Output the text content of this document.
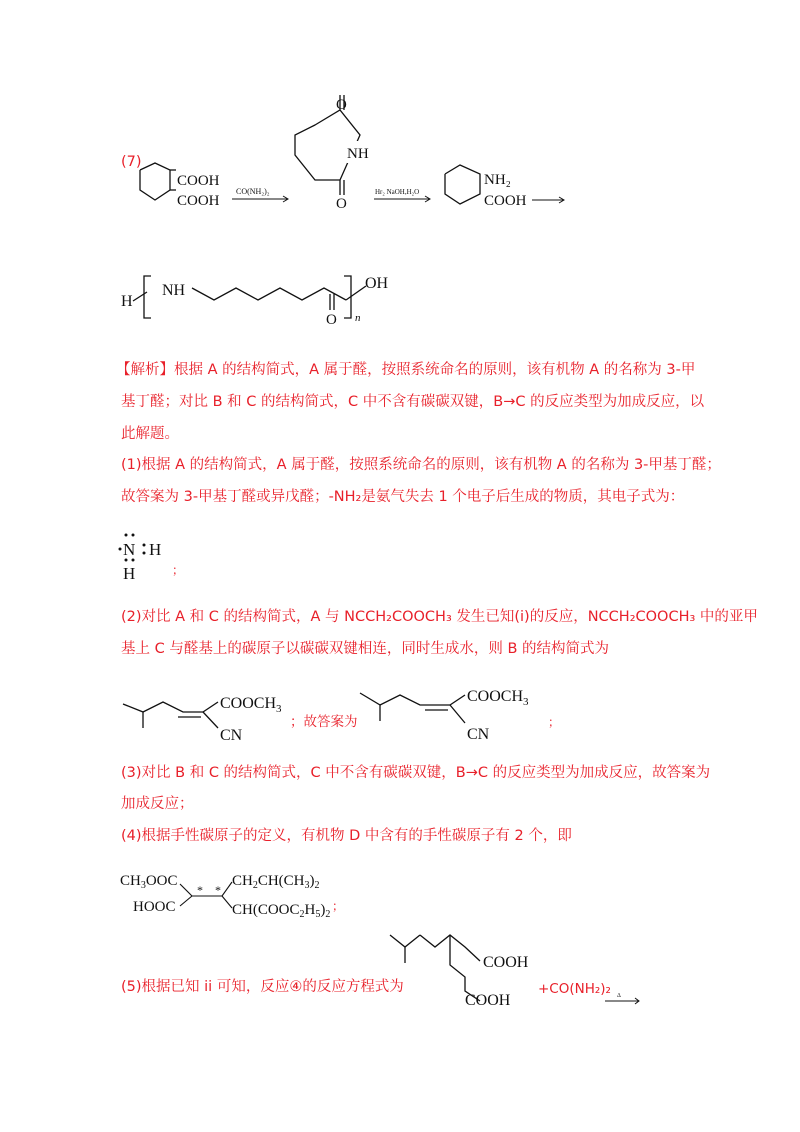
(7)
COOH
COOH
CO(NH₂)₂
O
NH
O
Hr₂ NaOH,H₂O
NH₂
COOH
H
NH
O
OH
n
【解析】根据 A 的结构简式，A 属于醛，按照系统命名的原则，该有机物 A 的名称为 3-甲
基丁醛；对比 B 和 C 的结构简式，C 中不含有碳碳双键，B→C 的反应类型为加成反应，以
此解题。
(1)根据 A 的结构简式，A 属于醛，按照系统命名的原则，该有机物 A 的名称为 3-甲基丁醛；
故答案为 3-甲基丁醛或异戊醛；-NH₂是氨气失去 1 个电子后生成的物质，其电子式为：
N H
H	；
(2)对比 A 和 C 的结构简式，A 与 NCCH₂COOCH₃ 发生已知(i)的反应，NCCH₂COOCH₃ 中的亚甲
基上 C 与醛基上的碳原子以碳碳双键相连，同时生成水，则 B 的结构简式为
$COOCH_3$
CN
；故答案为
$COOCH_3$
CN
；
(3)对比 B 和 C 的结构简式，C 中不含有碳碳双键，B→C 的反应类型为加成反应，故答案为
加成反应；
(4)根据手性碳原子的定义，有机物 D 中含有的手性碳原子有 2 个，即
$CH_3OOC$
HOOC
* *
$CH_2CH(CH_3)_2$
$CH(COOC_2H_5)_2$
；
(5)根据已知 ii 可知，反应④的反应方程式为
COOH
COOH
+CO(NH₂)₂ Δ
